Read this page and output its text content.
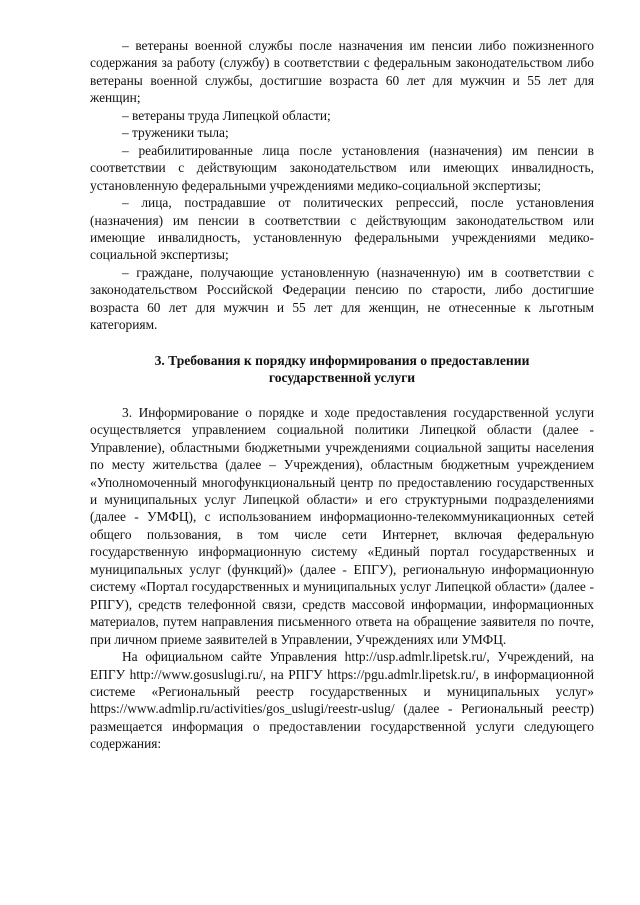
– ветераны военной службы после назначения им пенсии либо пожизненного содержания за работу (службу) в соответствии с федеральным законодательством либо ветераны военной службы, достигшие возраста 60 лет для мужчин и 55 лет для женщин;

– ветераны труда Липецкой области;

– труженики тыла;

– реабилитированные лица после установления (назначения) им пенсии в соответствии с действующим законодательством или имеющих инвалидность, установленную федеральными учреждениями медико-социальной экспертизы;

– лица, пострадавшие от политических репрессий, после установления (назначения) им пенсии в соответствии с действующим законодательством или имеющие инвалидность, установленную федеральными учреждениями медико-социальной экспертизы;

– граждане, получающие установленную (назначенную) им в соответствии с законодательством Российской Федерации пенсию по старости, либо достигшие возраста 60 лет для мужчин и 55 лет для женщин, не отнесенные к льготным категориям.

3. Требования к порядку информирования о предоставлении государственной услуги

3. Информирование о порядке и ходе предоставления государственной услуги осуществляется управлением социальной политики Липецкой области (далее - Управление), областными бюджетными учреждениями социальной защиты населения по месту жительства (далее – Учреждения), областным бюджетным учреждением «Уполномоченный многофункциональный центр по предоставлению государственных и муниципальных услуг Липецкой области» и его структурными подразделениями (далее - УМФЦ), с использованием информационно-телекоммуникационных сетей общего пользования, в том числе сети Интернет, включая федеральную государственную информационную систему «Единый портал государственных и муниципальных услуг (функций)» (далее - ЕПГУ), региональную информационную систему «Портал государственных и муниципальных услуг Липецкой области» (далее - РПГУ), средств телефонной связи, средств массовой информации, информационных материалов, путем направления письменного ответа на обращение заявителя по почте, при личном приеме заявителей в Управлении, Учреждениях или УМФЦ.

На официальном сайте Управления http://usp.admlr.lipetsk.ru/, Учреждений, на ЕПГУ http://www.gosuslugi.ru/, на РПГУ https://pgu.admlr.lipetsk.ru/, в информационной системе «Региональный реестр государственных и муниципальных услуг» https://www.admlip.ru/activities/gos_uslugi/reestr-uslug/ (далее - Региональный реестр) размещается информация о предоставлении государственной услуги следующего содержания:
